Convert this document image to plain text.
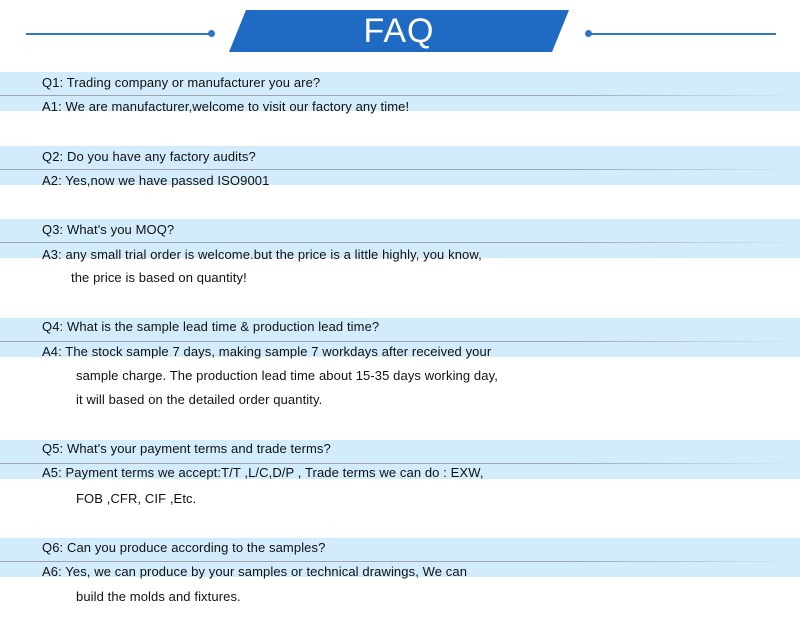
FAQ
Q1: Trading company or manufacturer you are?
A1: We are manufacturer,welcome to visit our factory any time!
Q2: Do you have any factory audits?
A2: Yes,now we have passed ISO9001
Q3: What's you MOQ?
A3: any small trial order is welcome.but the price is a little highly, you know,
the price is based on quantity!
Q4: What is the sample lead time & production lead time?
A4: The stock sample 7 days, making sample 7 workdays after received your
sample charge. The production lead time about 15-35 days working day,
it will based on the detailed order quantity.
Q5: What's your payment terms and trade terms?
A5: Payment terms we accept:T/T ,L/C,D/P , Trade terms we can do : EXW,
FOB ,CFR, CIF ,Etc.
Q6: Can you produce according to the samples?
A6: Yes, we can produce by your samples or technical drawings, We can
build the molds and fixtures.
